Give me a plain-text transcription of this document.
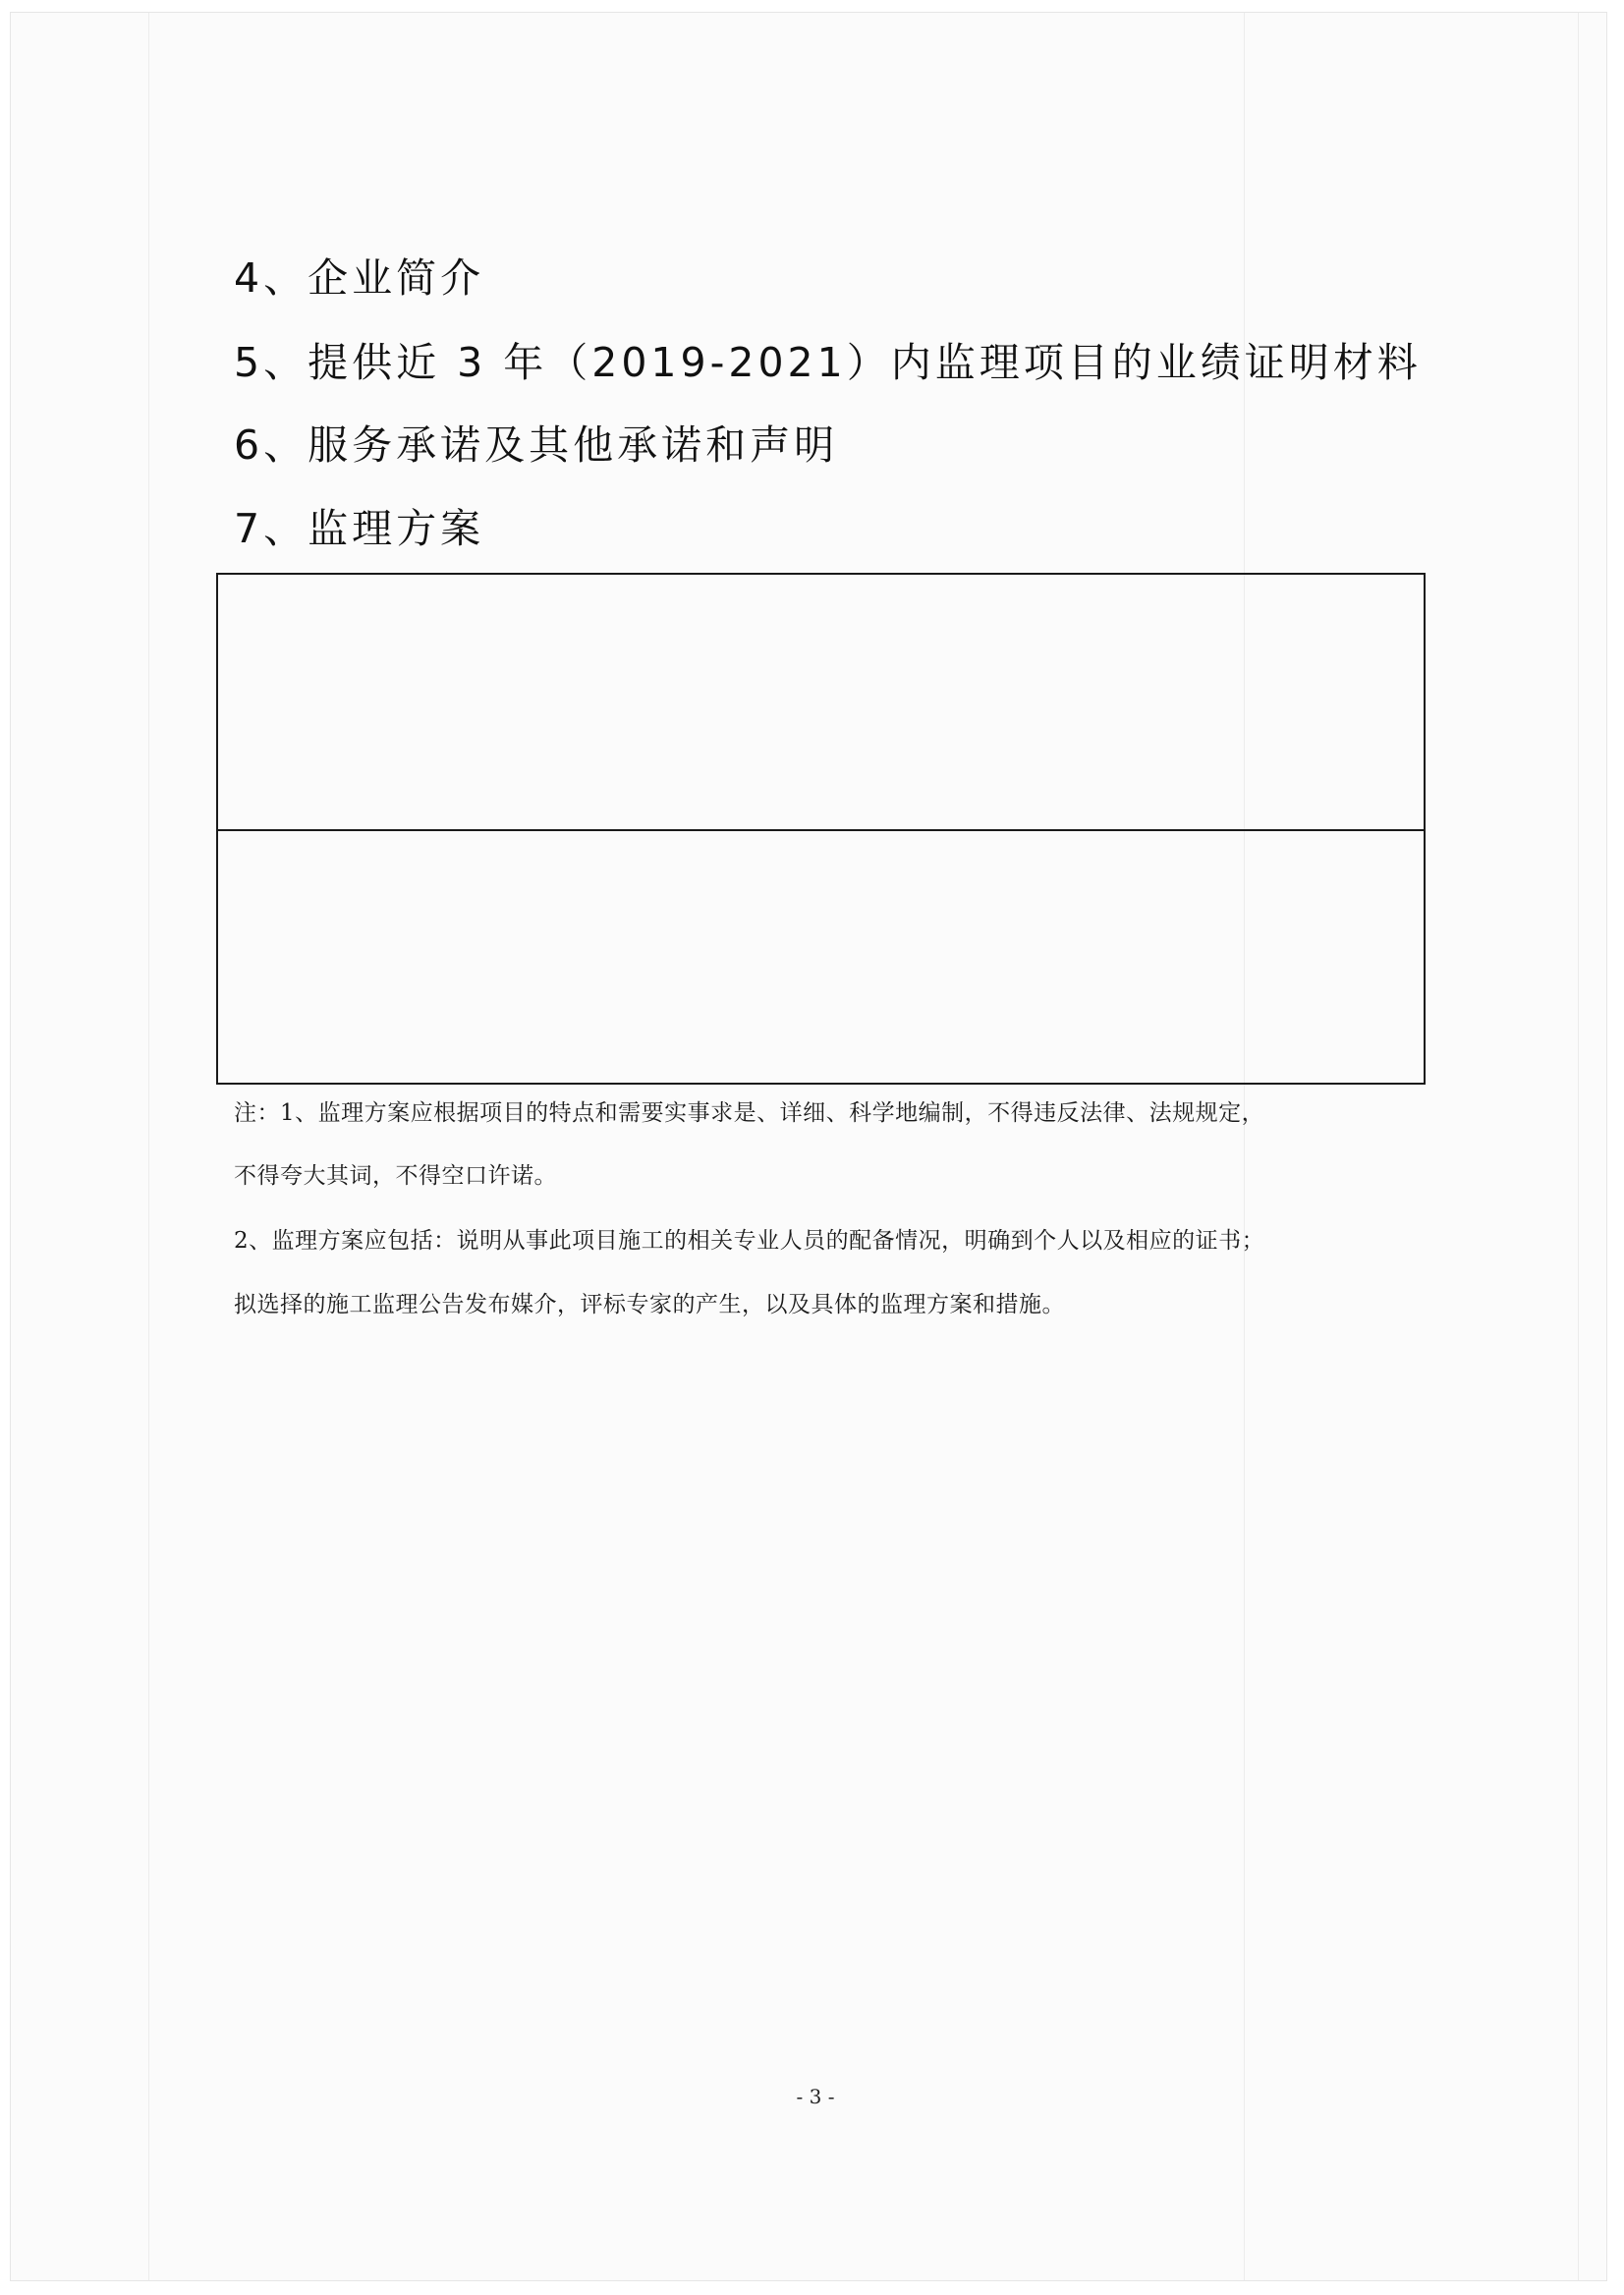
4、企业简介
5、提供近 3 年（2019-2021）内监理项目的业绩证明材料
6、服务承诺及其他承诺和声明
7、监理方案
注：1、监理方案应根据项目的特点和需要实事求是、详细、科学地编制，不得违反法律、法规规定，
不得夸大其词，不得空口许诺。
2、监理方案应包括：说明从事此项目施工的相关专业人员的配备情况，明确到个人以及相应的证书；
拟选择的施工监理公告发布媒介，评标专家的产生，以及具体的监理方案和措施。
- 3 -
